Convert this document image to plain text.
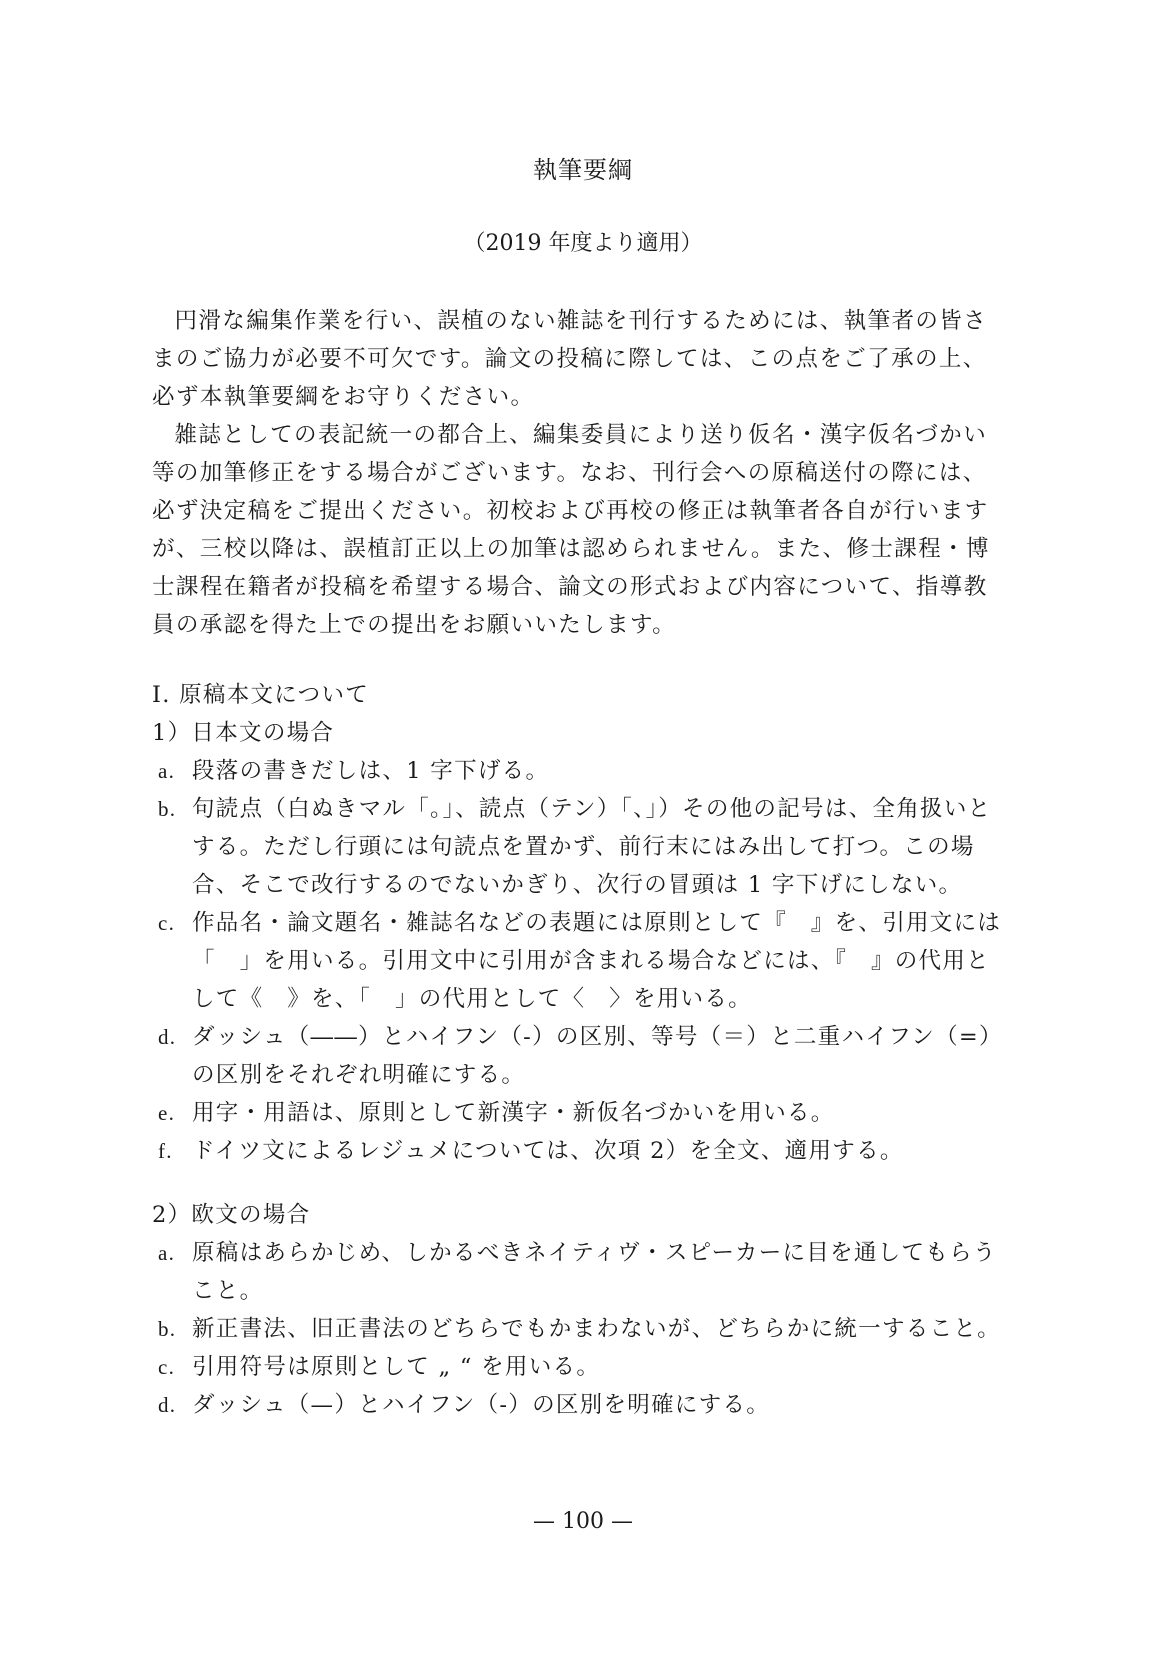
執筆要綱
（2019 年度より適用）

円滑な編集作業を行い、誤植のない雑誌を刊行するためには、執筆者の皆さまのご協力が必要不可欠です。論文の投稿に際しては、この点をご了承の上、必ず本執筆要綱をお守りください。

雑誌としての表記統一の都合上、編集委員により送り仮名・漢字仮名づかい等の加筆修正をする場合がございます。なお、刊行会への原稿送付の際には、必ず決定稿をご提出ください。初校および再校の修正は執筆者各自が行いますが、三校以降は、誤植訂正以上の加筆は認められません。また、修士課程・博士課程在籍者が投稿を希望する場合、論文の形式および内容について、指導教員の承認を得た上での提出をお願いいたします。

I. 原稿本文について

1）日本文の場合

a. 段落の書きだしは、1 字下げる。
b. 句読点（白ぬきマル「。」、読点（テン）「、」）その他の記号は、全角扱いとする。ただし行頭には句読点を置かず、前行末にはみ出して打つ。この場合、そこで改行するのでないかぎり、次行の冒頭は 1 字下げにしない。
c. 作品名・論文題名・雑誌名などの表題には原則として『　』を、引用文には「　」を用いる。引用文中に引用が含まれる場合などには、『　』の代用として《　》を、「　」の代用として〈　〉を用いる。
d. ダッシュ（――）とハイフン（-）の区別、等号（＝）と二重ハイフン（=）の区別をそれぞれ明確にする。
e. 用字・用語は、原則として新漢字・新仮名づかいを用いる。
f. ドイツ文によるレジュメについては、次項 2）を全文、適用する。

2）欧文の場合

a. 原稿はあらかじめ、しかるべきネイティヴ・スピーカーに目を通してもらうこと。
b. 新正書法、旧正書法のどちらでもかまわないが、どちらかに統一すること。
c. 引用符号は原則として „ “ を用いる。
d. ダッシュ（—）とハイフン（-）の区別を明確にする。
— 100 —
